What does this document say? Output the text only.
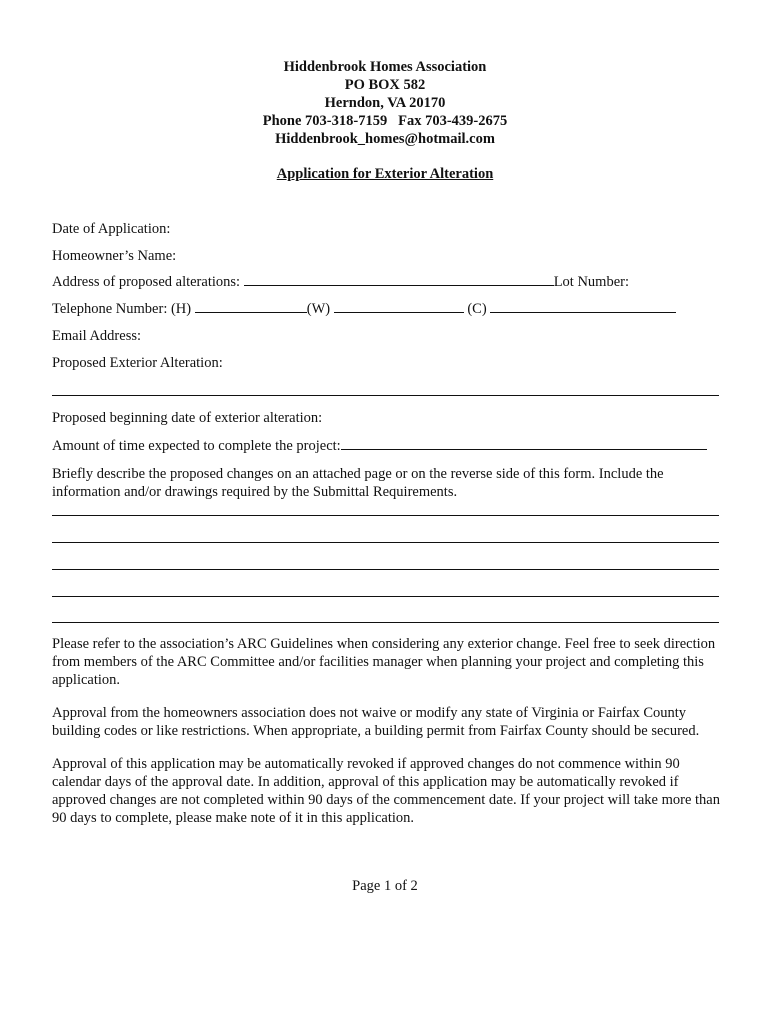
Hiddenbrook Homes Association
PO BOX 582
Herndon, VA 20170
Phone 703-318-7159   Fax 703-439-2675
Hiddenbrook_homes@hotmail.com
Application for Exterior Alteration
Date of Application:
Homeowner’s Name:
Address of proposed alterations:	Lot Number:
Telephone Number: (H)	(W)	(C)
Email Address:
Proposed Exterior Alteration:
Proposed beginning date of exterior alteration:
Amount of time expected to complete the project:
Briefly describe the proposed changes on an attached page or on the reverse side of this form. Include the information and/or drawings required by the Submittal Requirements.
Please refer to the association’s ARC Guidelines when considering any exterior change. Feel free to seek direction from members of the ARC Committee and/or facilities manager when planning your project and completing this application.
Approval from the homeowners association does not waive or modify any state of Virginia or Fairfax County building codes or like restrictions. When appropriate, a building permit from Fairfax County should be secured.
Approval of this application may be automatically revoked if approved changes do not commence within 90 calendar days of the approval date. In addition, approval of this application may be automatically revoked if approved changes are not completed within 90 days of the commencement date. If your project will take more than 90 days to complete, please make note of it in this application.
Page 1 of 2
